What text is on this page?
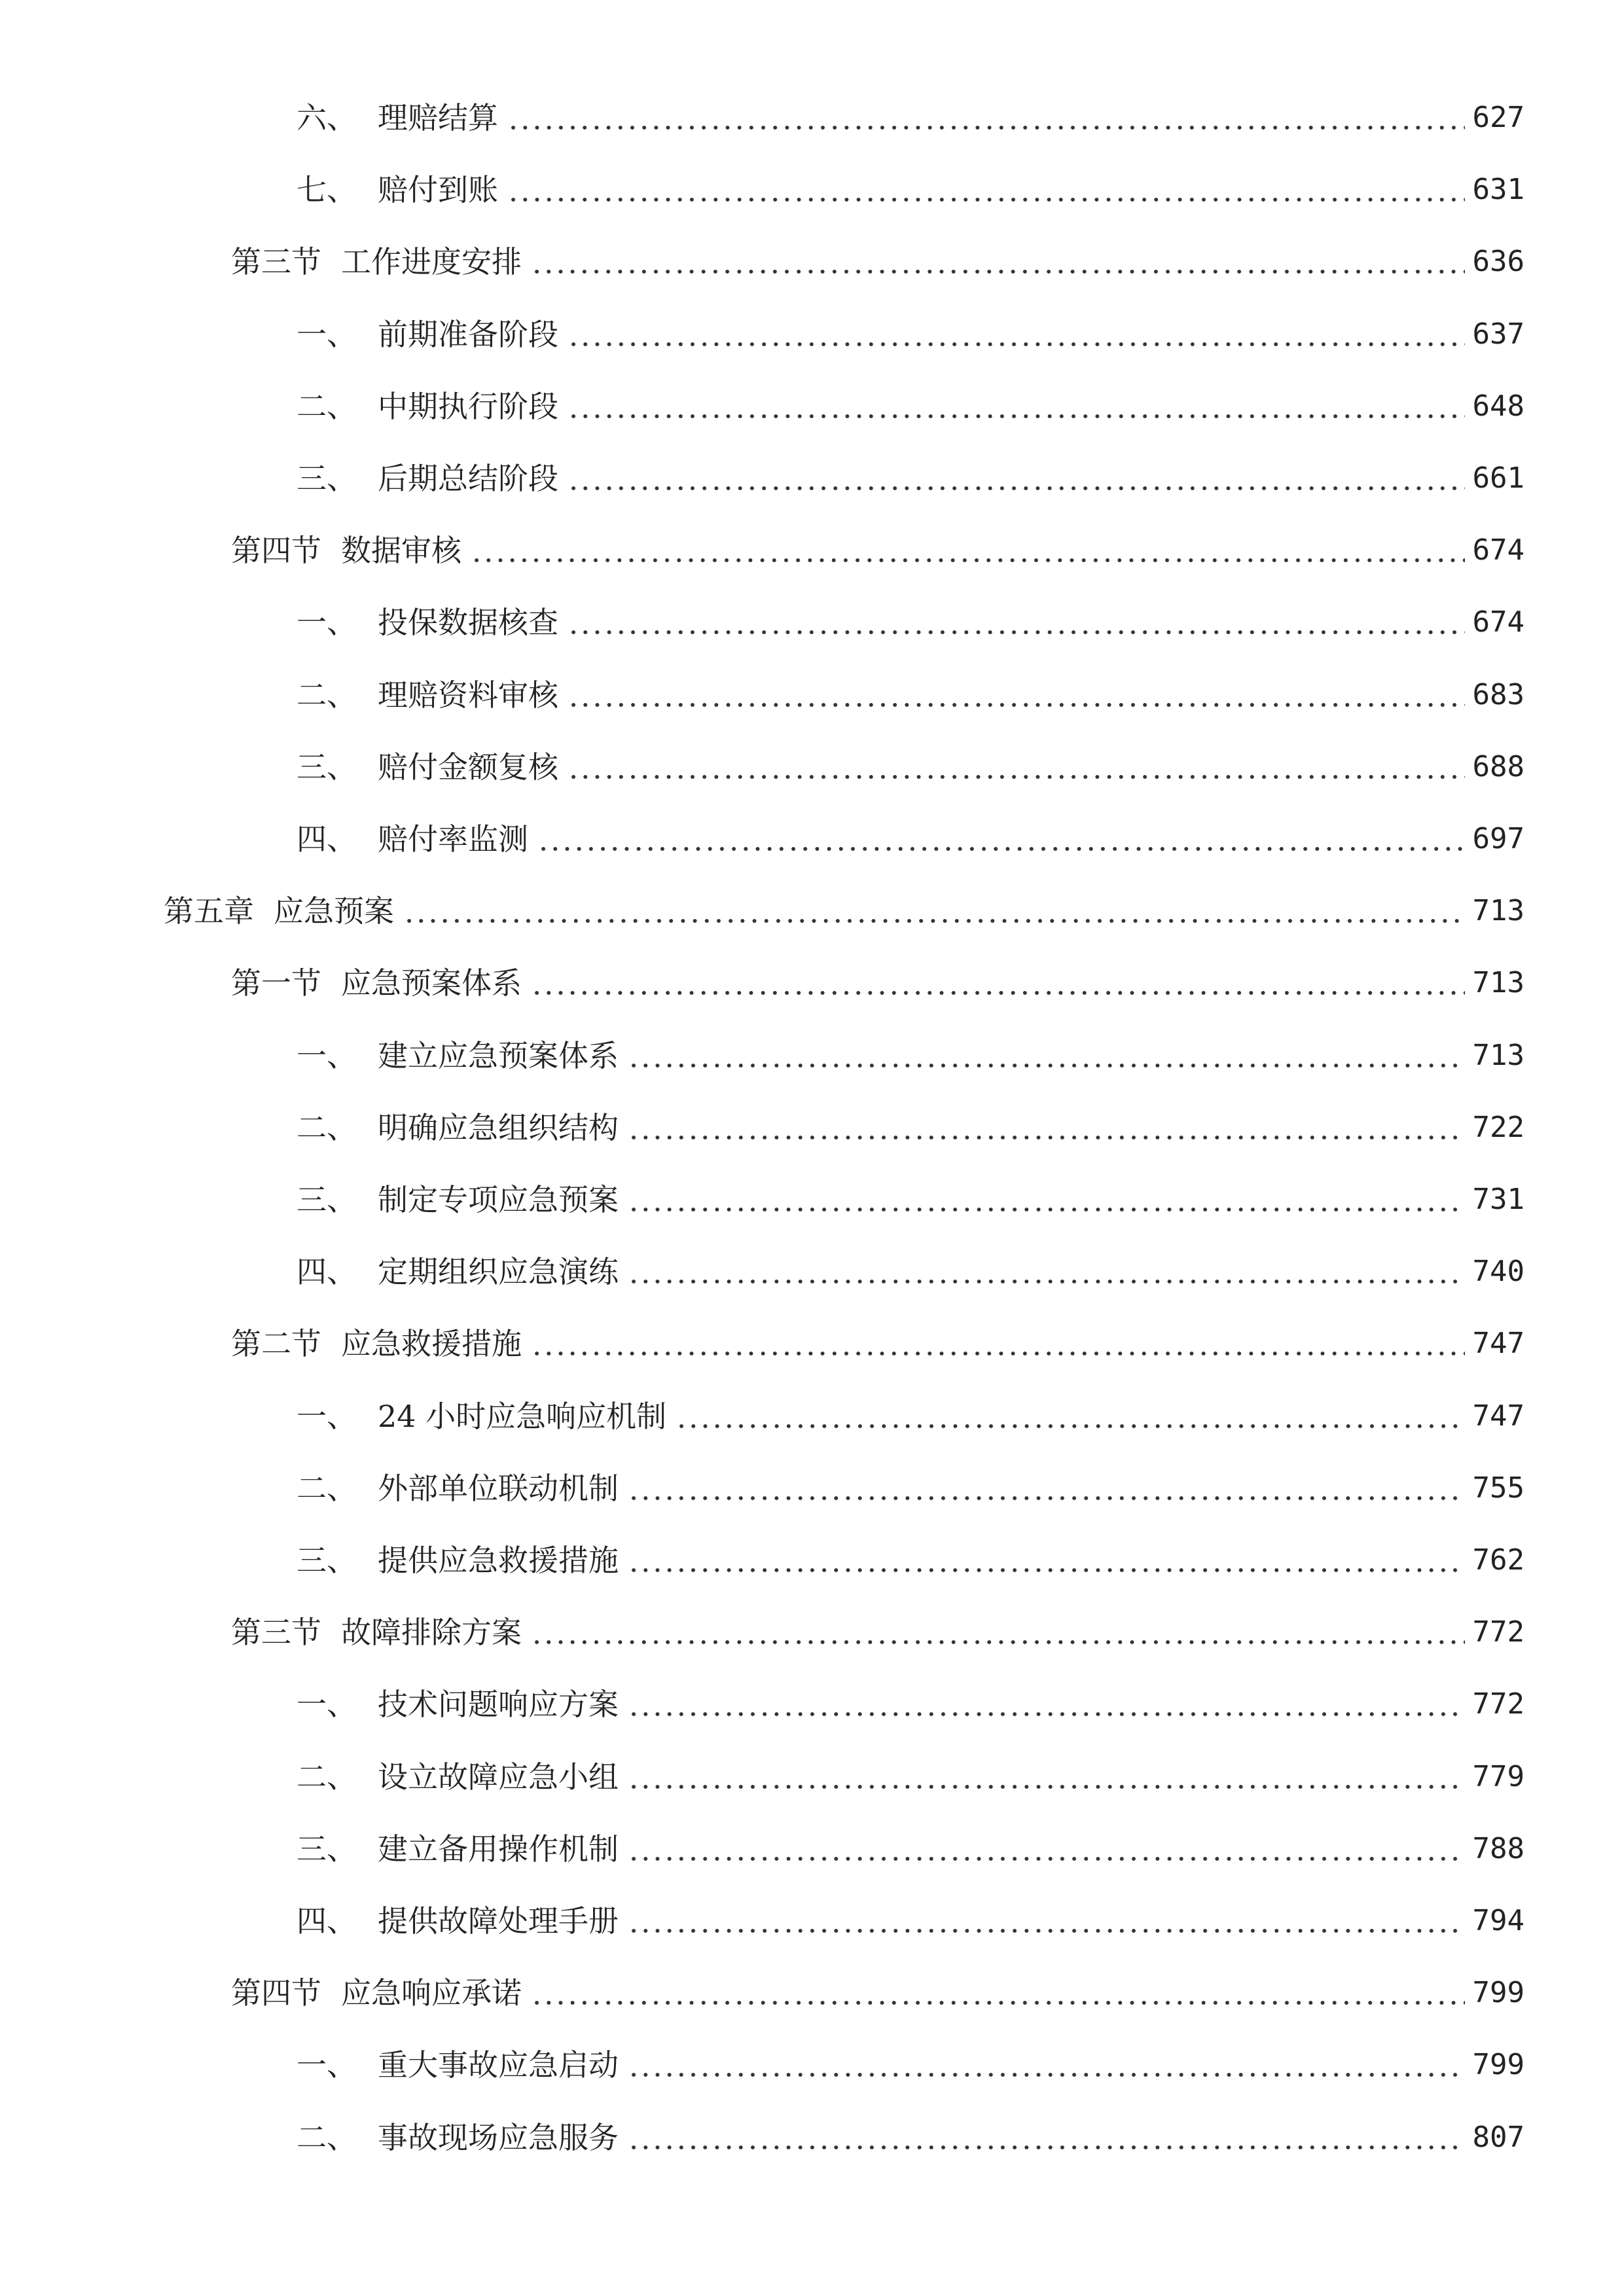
六、 理赔结算	627
七、 赔付到账	631
第三节 工作进度安排	636
一、 前期准备阶段	637
二、 中期执行阶段	648
三、 后期总结阶段	661
第四节 数据审核	674
一、 投保数据核查	674
二、 理赔资料审核	683
三、 赔付金额复核	688
四、 赔付率监测	697
第五章 应急预案	713
第一节 应急预案体系	713
一、 建立应急预案体系	713
二、 明确应急组织结构	722
三、 制定专项应急预案	731
四、 定期组织应急演练	740
第二节 应急救援措施	747
一、 24 小时应急响应机制	747
二、 外部单位联动机制	755
三、 提供应急救援措施	762
第三节 故障排除方案	772
一、 技术问题响应方案	772
二、 设立故障应急小组	779
三、 建立备用操作机制	788
四、 提供故障处理手册	794
第四节 应急响应承诺	799
一、 重大事故应急启动	799
二、 事故现场应急服务	807
